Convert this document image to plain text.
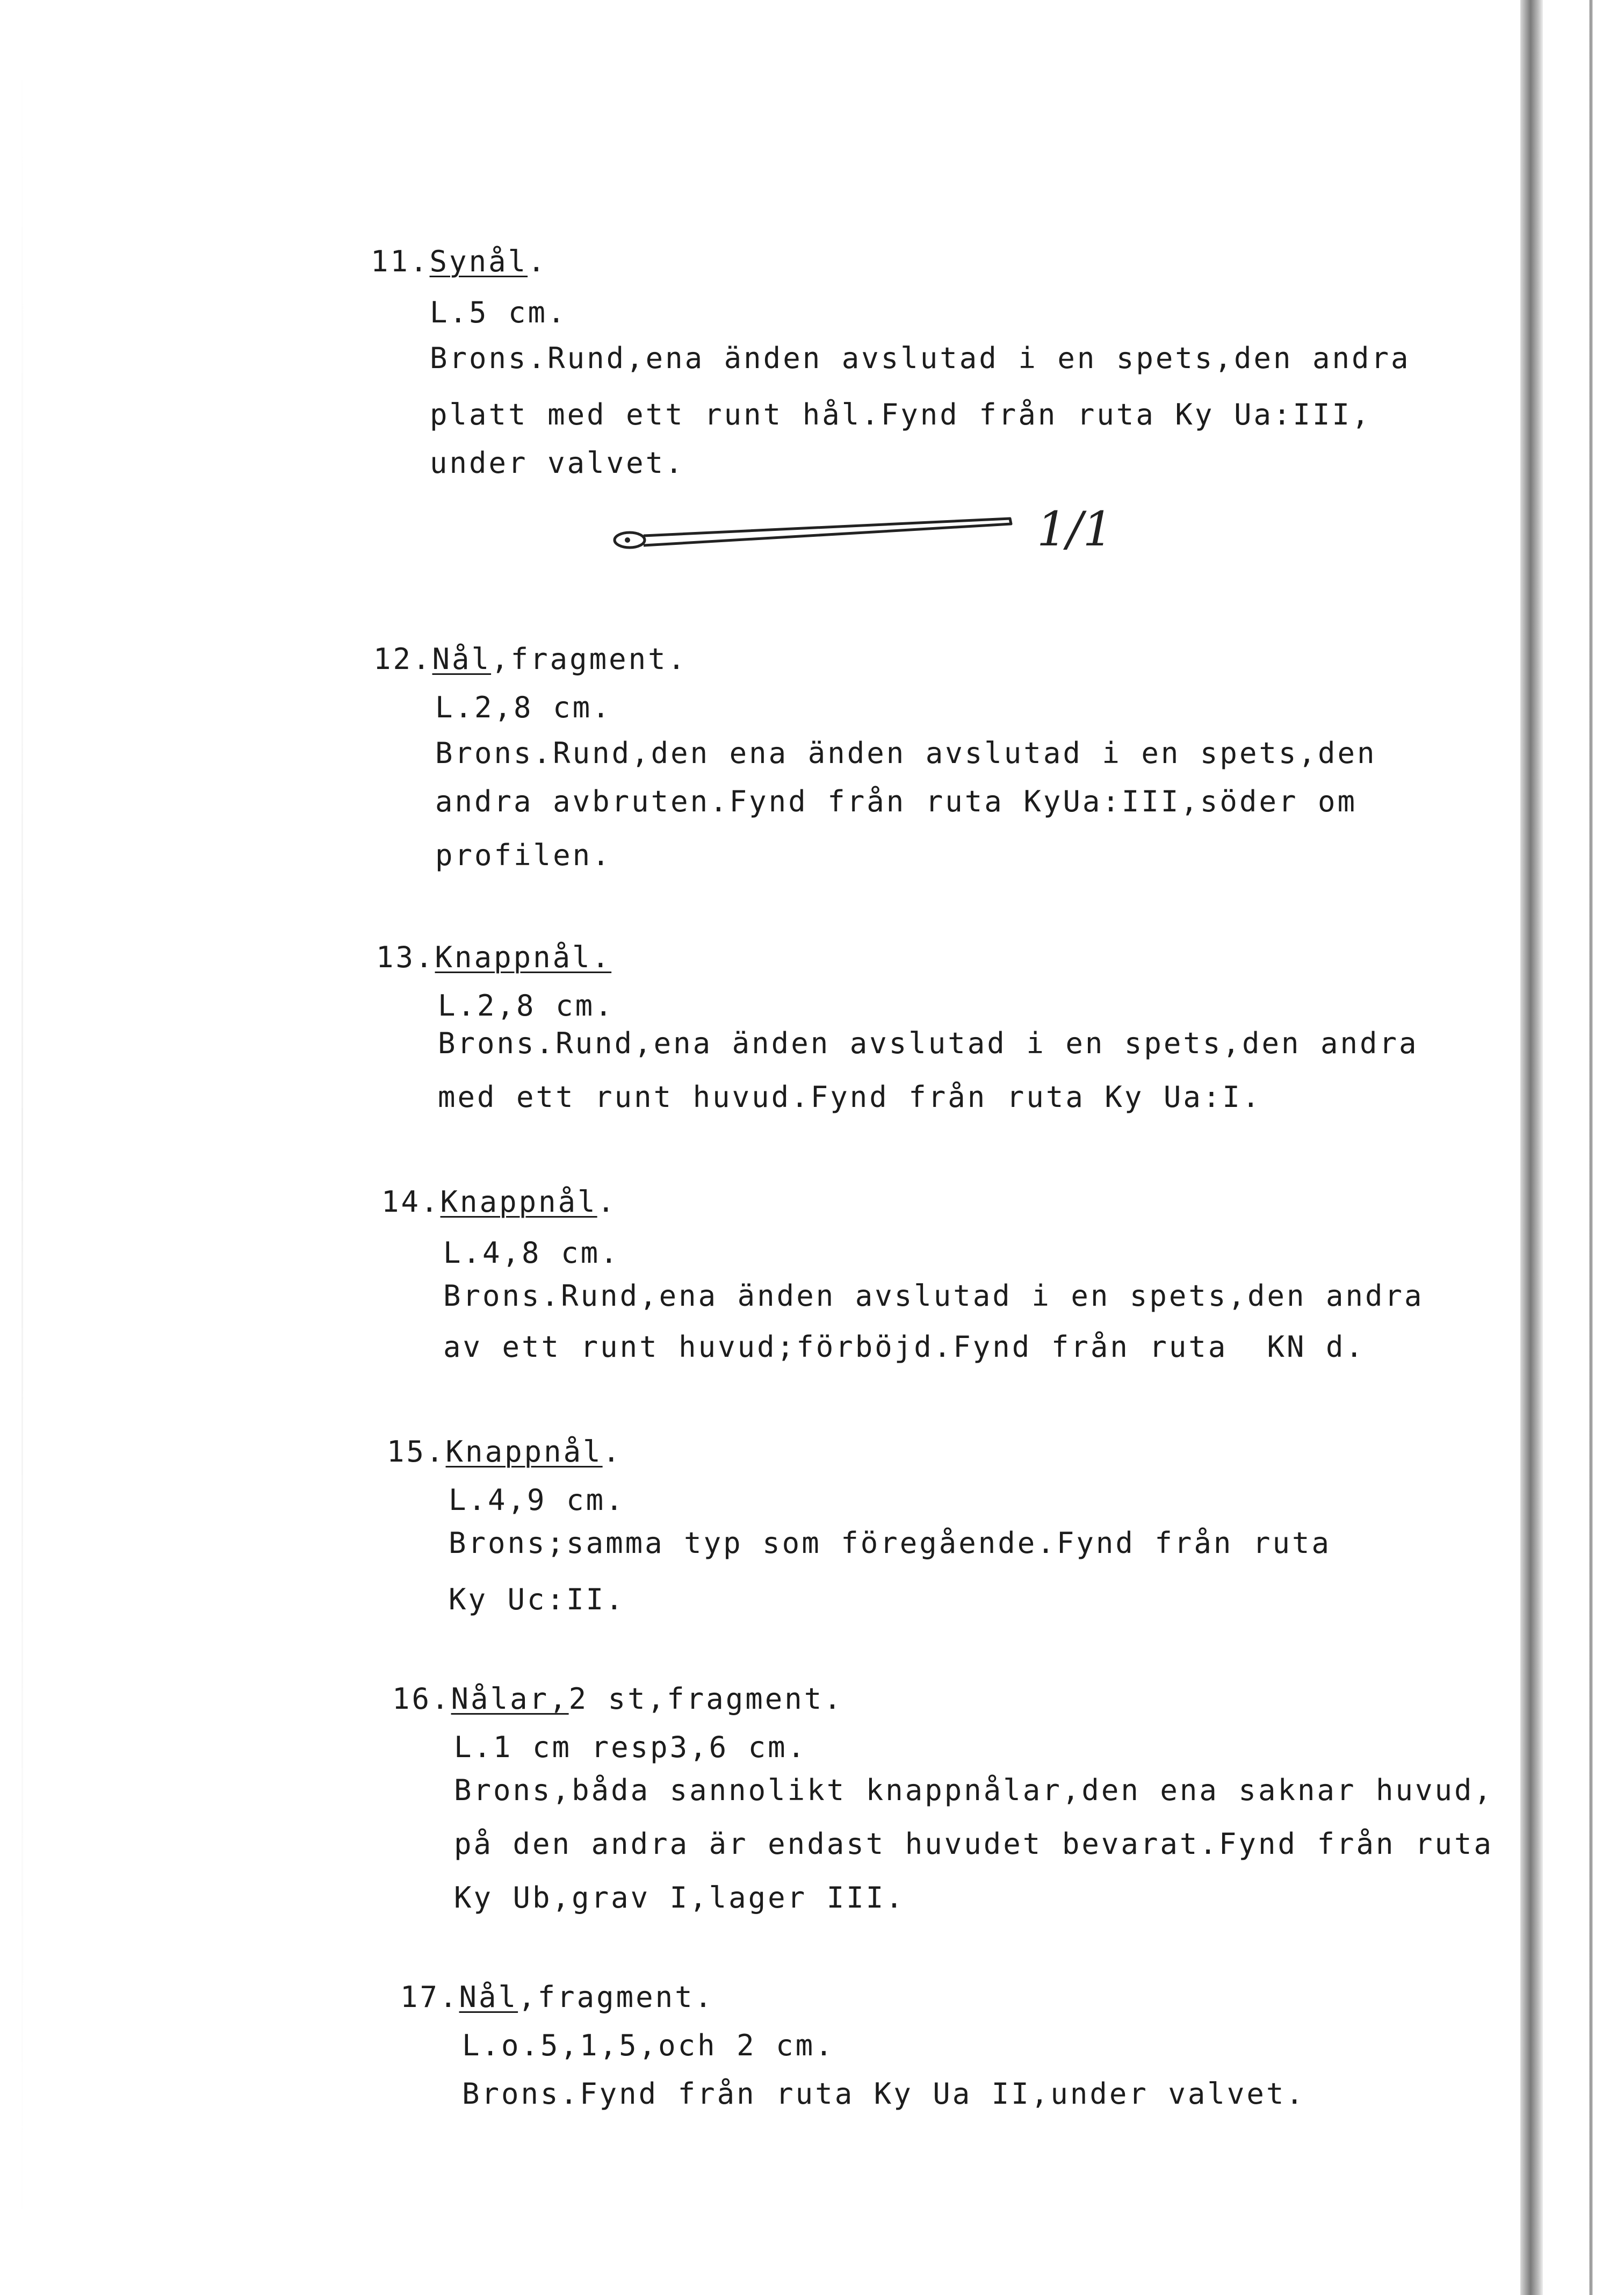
11.Synål.
L.5 cm.
Brons.Rund,ena änden avslutad i en spets,den andra
platt med ett runt hål.Fynd från ruta Ky Ua:III,
under valvet.
1/1
12.Nål,fragment.
L.2,8 cm.
Brons.Rund,den ena änden avslutad i en spets,den
andra avbruten.Fynd från ruta KyUa:III,söder om
profilen.
13.Knappnål.
L.2,8 cm.
Brons.Rund,ena änden avslutad i en spets,den andra
med ett runt huvud.Fynd från ruta Ky Ua:I.
14.Knappnål.
L.4,8 cm.
Brons.Rund,ena änden avslutad i en spets,den andra
av ett runt huvud;förböjd.Fynd från ruta  KN d.
15.Knappnål.
L.4,9 cm.
Brons;samma typ som föregående.Fynd från ruta
Ky Uc:II.
16.Nålar,2 st,fragment.
L.1 cm resp3,6 cm.
Brons,båda sannolikt knappnålar,den ena saknar huvud,
på den andra är endast huvudet bevarat.Fynd från ruta
Ky Ub,grav I,lager III.
17.Nål,fragment.
L.o.5,1,5,och 2 cm.
Brons.Fynd från ruta Ky Ua II,under valvet.
